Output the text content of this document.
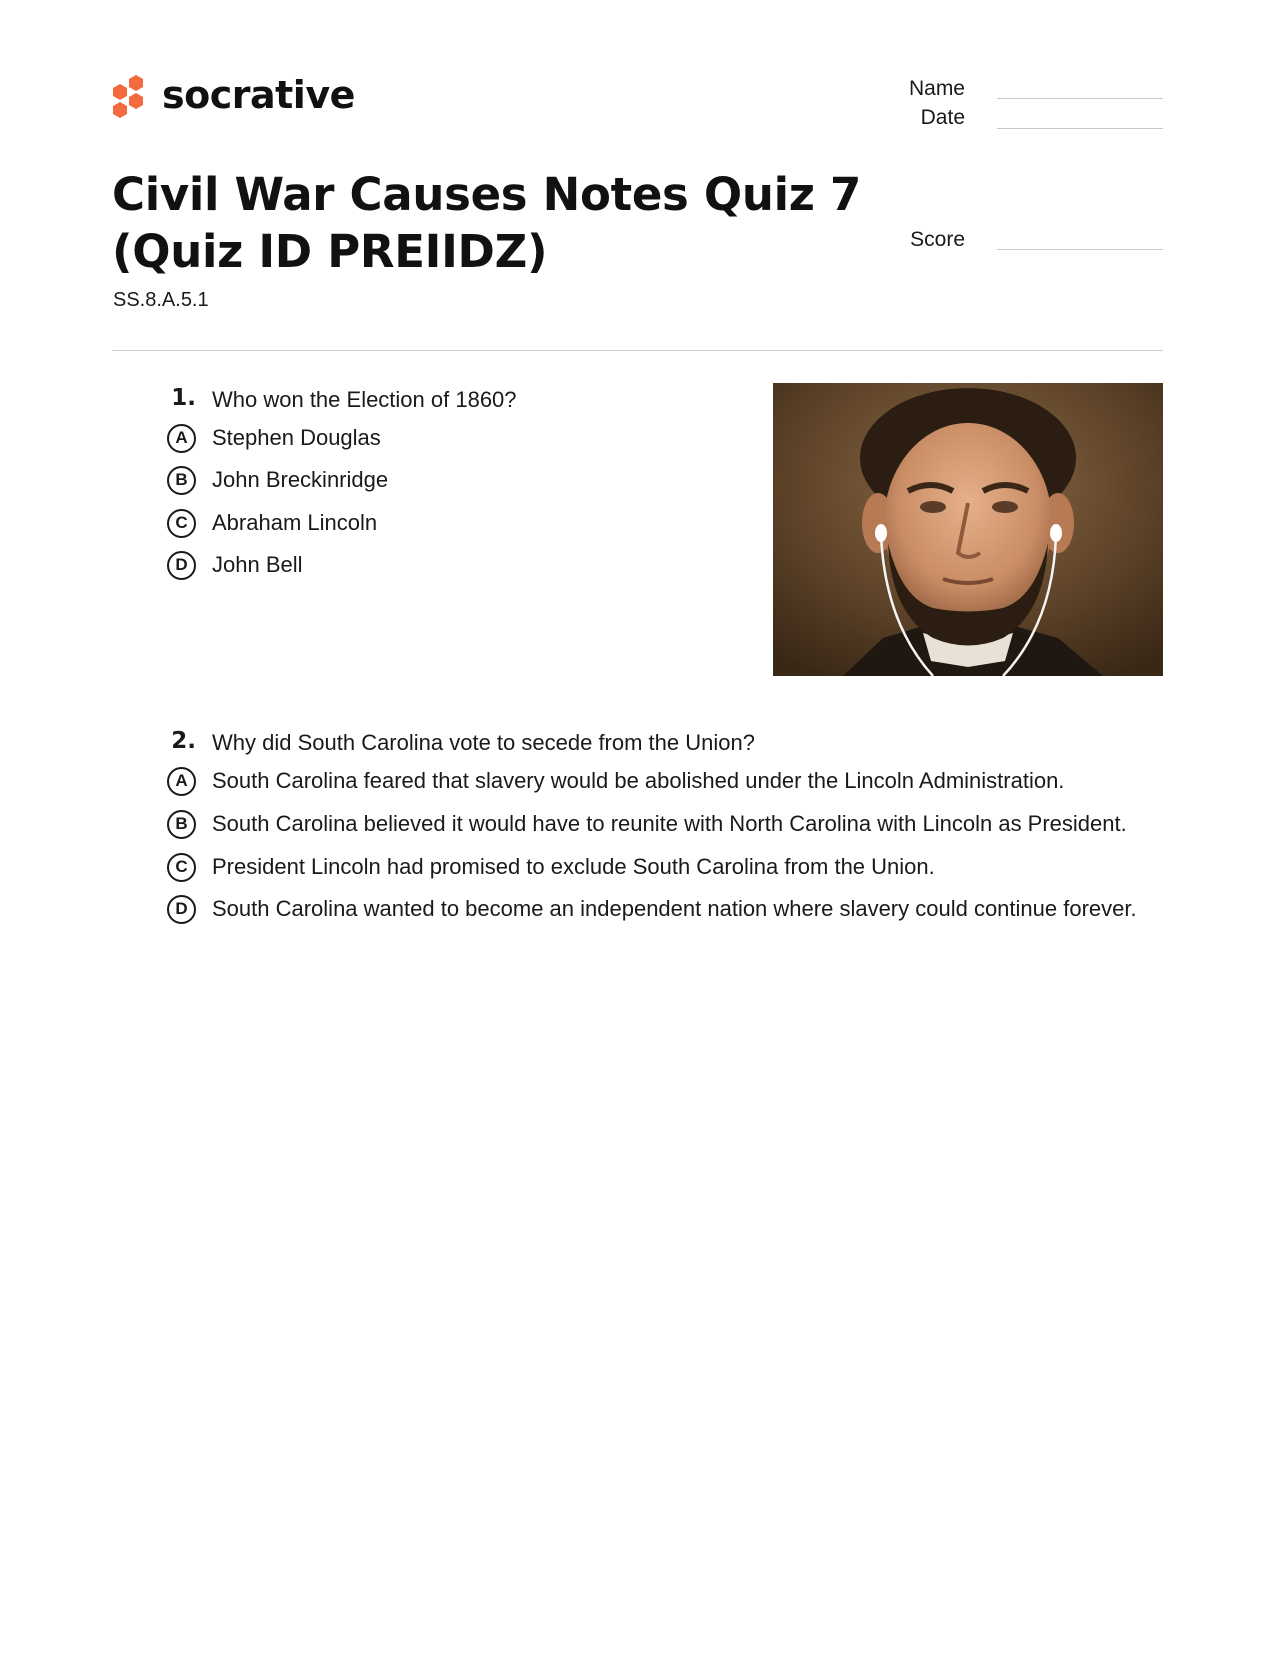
socrative	Name
Date
Score
Civil War Causes Notes Quiz 7
(Quiz ID PREIIDZ)
SS.8.A.5.1
1. Who won the Election of 1860?
A	Stephen Douglas
B	John Breckinridge
C	Abraham Lincoln
D	John Bell
2. Why did South Carolina vote to secede from the Union?
A	South Carolina feared that slavery would be abolished under the Lincoln Administration.
B	South Carolina believed it would have to reunite with North Carolina with Lincoln as President.
C	President Lincoln had promised to exclude South Carolina from the Union.
D	South Carolina wanted to become an independent nation where slavery could continue forever.
